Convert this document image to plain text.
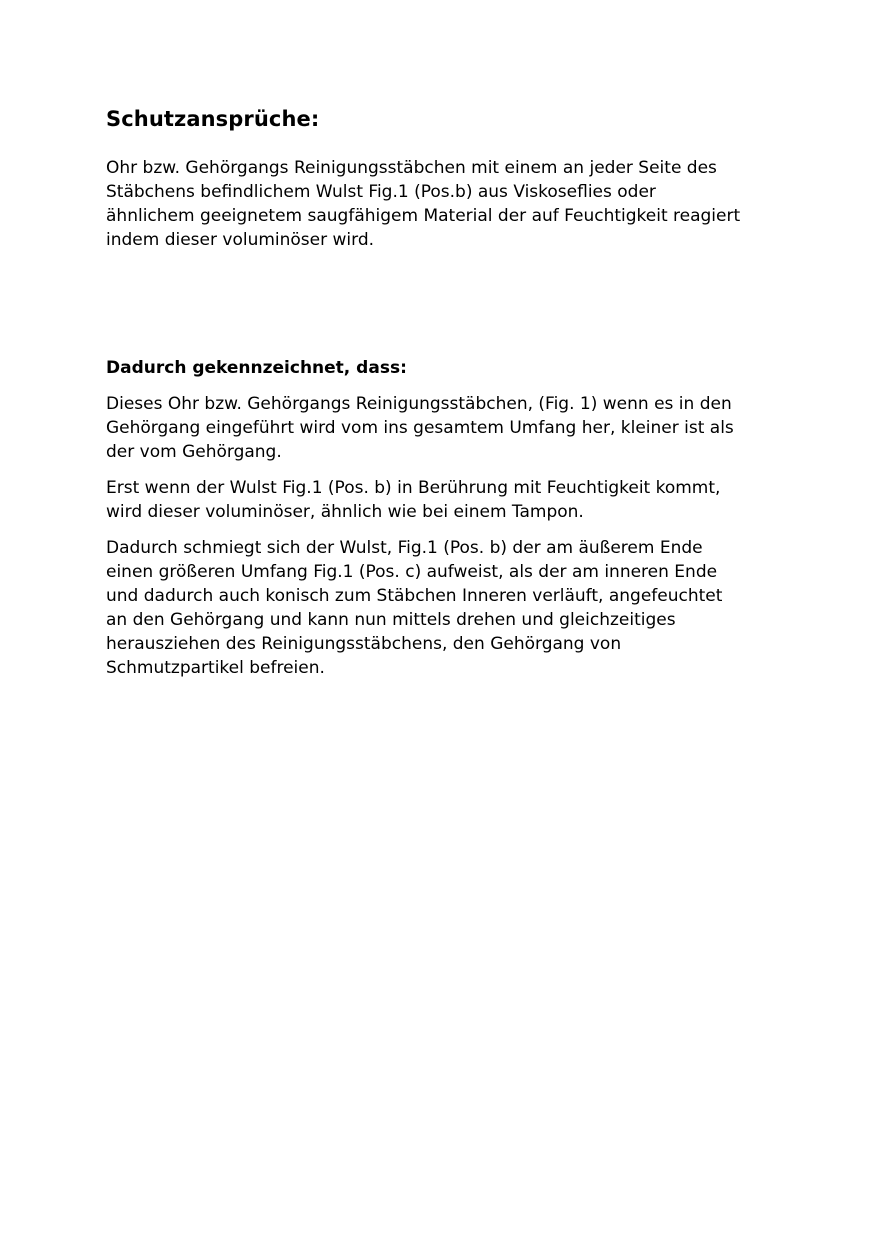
Schutzansprüche:

Ohr bzw. Gehörgangs Reinigungsstäbchen mit einem an jeder Seite des
Stäbchens befindlichem Wulst Fig.1 (Pos.b) aus Viskoseflies oder
ähnlichem geeignetem saugfähigem Material der auf Feuchtigkeit reagiert
indem dieser voluminöser wird.

Dadurch gekennzeichnet, dass:

Dieses Ohr bzw. Gehörgangs Reinigungsstäbchen, (Fig. 1) wenn es in den
Gehörgang eingeführt wird vom ins gesamtem Umfang her, kleiner ist als
der vom Gehörgang.

Erst wenn der Wulst Fig.1 (Pos. b) in Berührung mit Feuchtigkeit kommt,
wird dieser voluminöser, ähnlich wie bei einem Tampon.

Dadurch schmiegt sich der Wulst, Fig.1 (Pos. b) der am äußerem Ende
einen größeren Umfang Fig.1 (Pos. c) aufweist, als der am inneren Ende
und dadurch auch konisch zum Stäbchen Inneren verläuft, angefeuchtet
an den Gehörgang und kann nun mittels drehen und gleichzeitiges
herausziehen des Reinigungsstäbchens, den Gehörgang von
Schmutzpartikel befreien.
